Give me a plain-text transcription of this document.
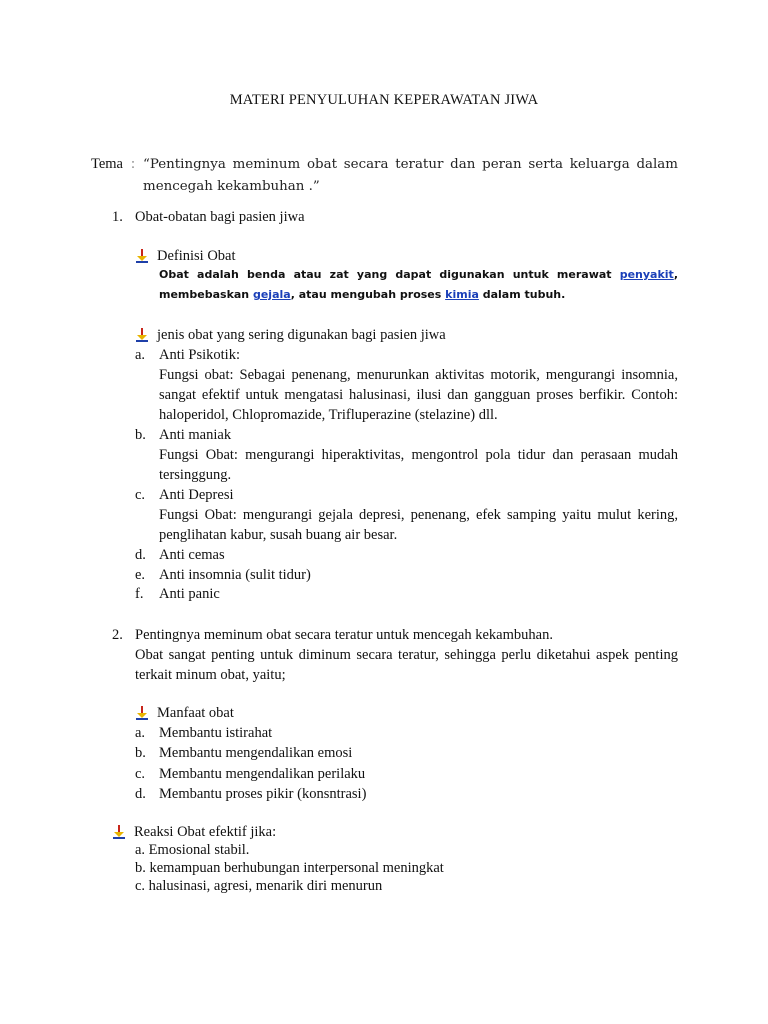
MATERI PENYULUHAN KEPERAWATAN JIWA
Tema : “Pentingnya meminum obat secara teratur dan peran serta keluarga dalam mencegah kekambuhan .”
1. Obat-obatan bagi pasien jiwa
Definisi Obat
Obat adalah benda atau zat yang dapat digunakan untuk merawat penyakit, membebaskan gejala, atau mengubah proses kimia dalam tubuh.
jenis obat yang sering digunakan bagi pasien jiwa
a. Anti Psikotik:
Fungsi obat: Sebagai penenang, menurunkan aktivitas motorik, mengurangi insomnia, sangat efektif untuk mengatasi halusinasi, ilusi dan gangguan proses berfikir. Contoh: haloperidol, Chlopromazide, Trifluperazine (stelazine) dll.
b. Anti maniak
Fungsi Obat: mengurangi hiperaktivitas, mengontrol pola tidur dan perasaan mudah tersinggung.
c. Anti Depresi
Fungsi Obat: mengurangi gejala depresi, penenang, efek samping yaitu mulut kering, penglihatan kabur, susah buang air besar.
d. Anti cemas
e. Anti insomnia (sulit tidur)
f. Anti panic
2. Pentingnya meminum obat secara teratur untuk mencegah kekambuhan.
Obat sangat penting untuk diminum secara teratur, sehingga perlu diketahui aspek penting terkait minum obat, yaitu;
Manfaat obat
a. Membantu istirahat
b. Membantu mengendalikan emosi
c. Membantu mengendalikan perilaku
d. Membantu proses pikir (konsntrasi)
Reaksi Obat efektif jika:
a. Emosional stabil.
b. kemampuan berhubungan interpersonal meningkat
c. halusinasi, agresi, menarik diri menurun
